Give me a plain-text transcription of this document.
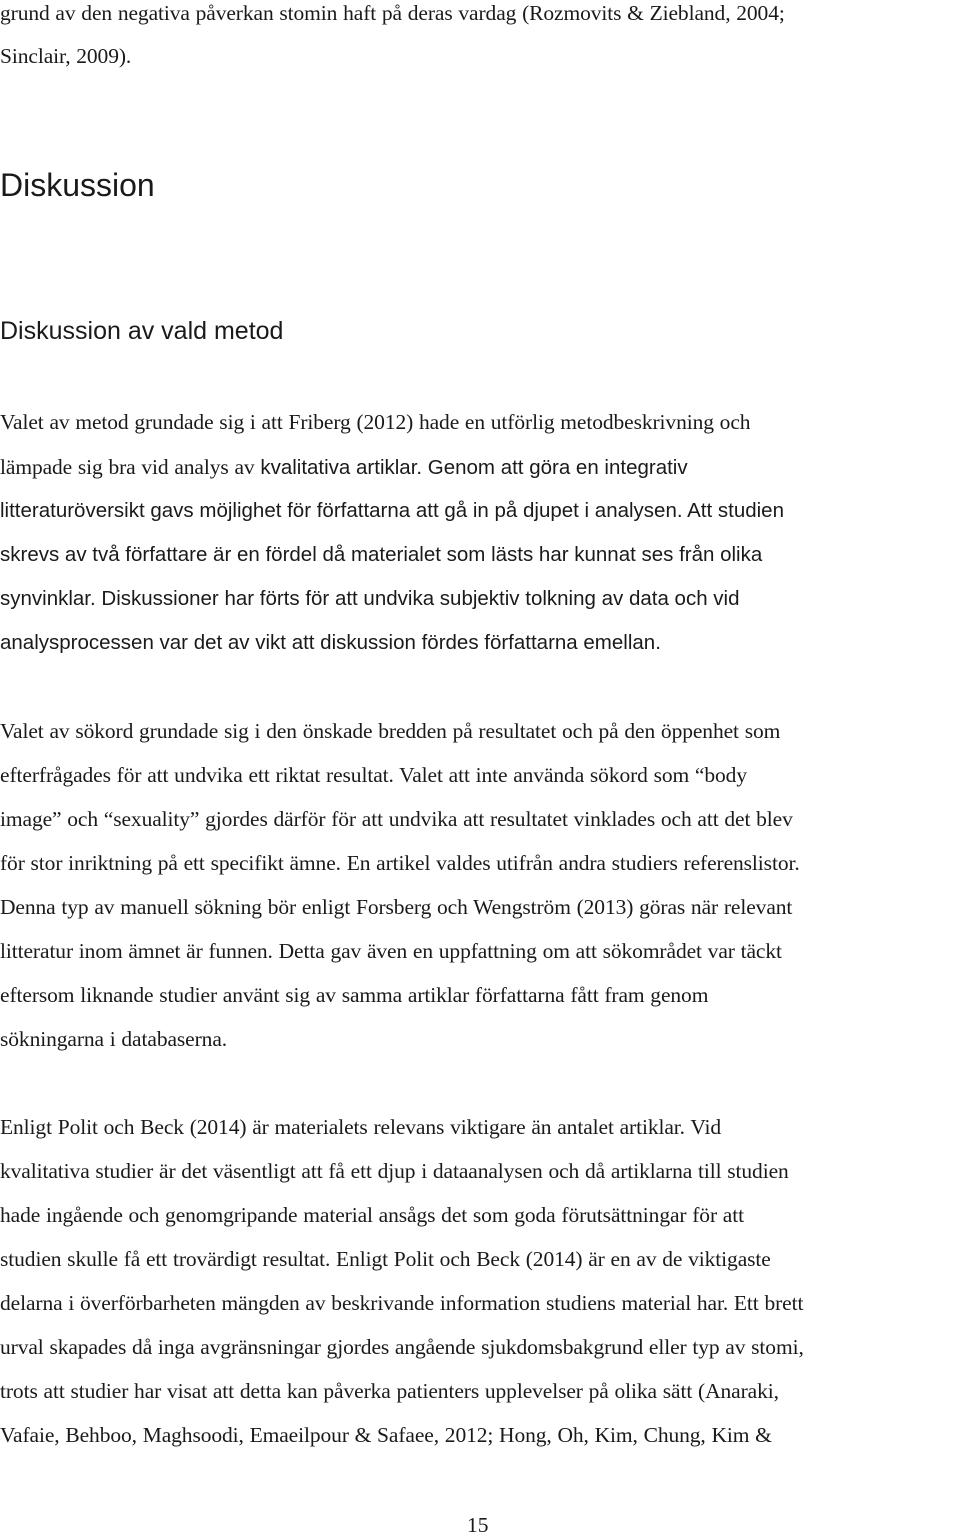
grund av den negativa påverkan stomin haft på deras vardag (Rozmovits & Ziebland, 2004;
Sinclair, 2009).
Diskussion
Diskussion av vald metod
Valet av metod grundade sig i att Friberg (2012) hade en utförlig metodbeskrivning och
lämpade sig bra vid analys av kvalitativa artiklar. Genom att göra en integrativ
litteraturöversikt gavs möjlighet för författarna att gå in på djupet i analysen. Att studien
skrevs av två författare är en fördel då materialet som lästs har kunnat ses från olika
synvinklar. Diskussioner har förts för att undvika subjektiv tolkning av data och vid
analysprocessen var det av vikt att diskussion fördes författarna emellan.
Valet av sökord grundade sig i den önskade bredden på resultatet och på den öppenhet som
efterfrågades för att undvika ett riktat resultat. Valet att inte använda sökord som “body
image” och “sexuality” gjordes därför för att undvika att resultatet vinklades och att det blev
för stor inriktning på ett specifikt ämne. En artikel valdes utifrån andra studiers referenslistor.
Denna typ av manuell sökning bör enligt Forsberg och Wengström (2013) göras när relevant
litteratur inom ämnet är funnen. Detta gav även en uppfattning om att sökområdet var täckt
eftersom liknande studier använt sig av samma artiklar författarna fått fram genom
sökningarna i databaserna.
Enligt Polit och Beck (2014) är materialets relevans viktigare än antalet artiklar. Vid
kvalitativa studier är det väsentligt att få ett djup i dataanalysen och då artiklarna till studien
hade ingående och genomgripande material ansågs det som goda förutsättningar för att
studien skulle få ett trovärdigt resultat. Enligt Polit och Beck (2014) är en av de viktigaste
delarna i överförbarheten mängden av beskrivande information studiens material har. Ett brett
urval skapades då inga avgränsningar gjordes angående sjukdomsbakgrund eller typ av stomi,
trots att studier har visat att detta kan påverka patienters upplevelser på olika sätt (Anaraki,
Vafaie, Behboo, Maghsoodi, Emaeilpour & Safaee, 2012; Hong, Oh, Kim, Chung, Kim &
15
